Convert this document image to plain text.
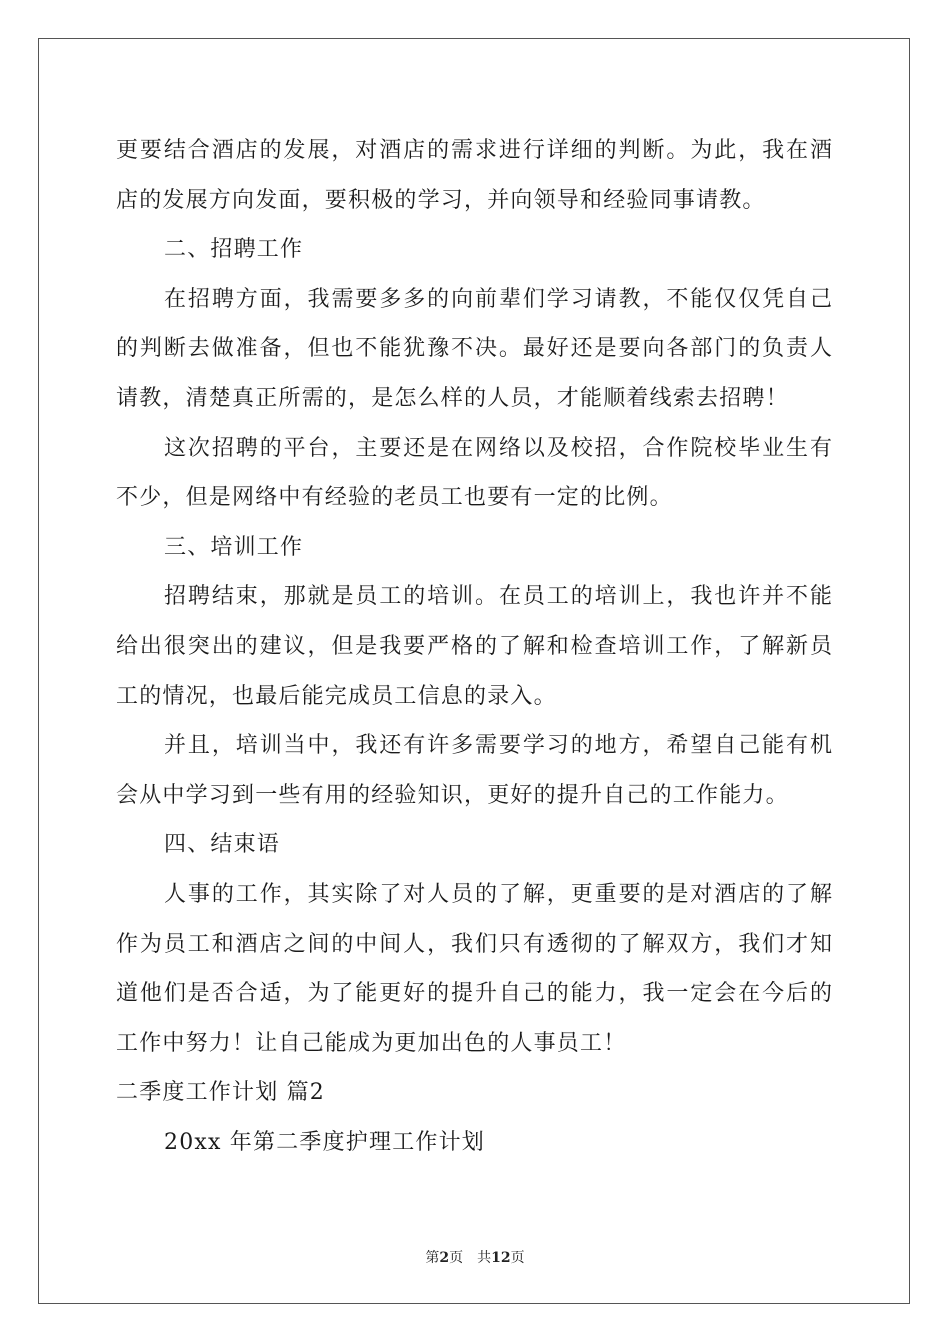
更要结合酒店的发展，对酒店的需求进行详细的判断。为此，我在酒
店的发展方向发面，要积极的学习，并向领导和经验同事请教。
二、招聘工作
在招聘方面，我需要多多的向前辈们学习请教，不能仅仅凭自己
的判断去做准备，但也不能犹豫不决。最好还是要向各部门的负责人
请教，清楚真正所需的，是怎么样的人员，才能顺着线索去招聘！
这次招聘的平台，主要还是在网络以及校招，合作院校毕业生有
不少，但是网络中有经验的老员工也要有一定的比例。
三、培训工作
招聘结束，那就是员工的培训。在员工的培训上，我也许并不能
给出很突出的建议，但是我要严格的了解和检查培训工作，了解新员
工的情况，也最后能完成员工信息的录入。
并且，培训当中，我还有许多需要学习的地方，希望自己能有机
会从中学习到一些有用的经验知识，更好的提升自己的工作能力。
四、结束语
人事的工作，其实除了对人员的了解，更重要的是对酒店的了解
作为员工和酒店之间的中间人，我们只有透彻的了解双方，我们才知
道他们是否合适，为了能更好的提升自己的能力，我一定会在今后的
工作中努力！让自己能成为更加出色的人事员工！
二季度工作计划 篇2
20xx 年第二季度护理工作计划
第2页 共12页
